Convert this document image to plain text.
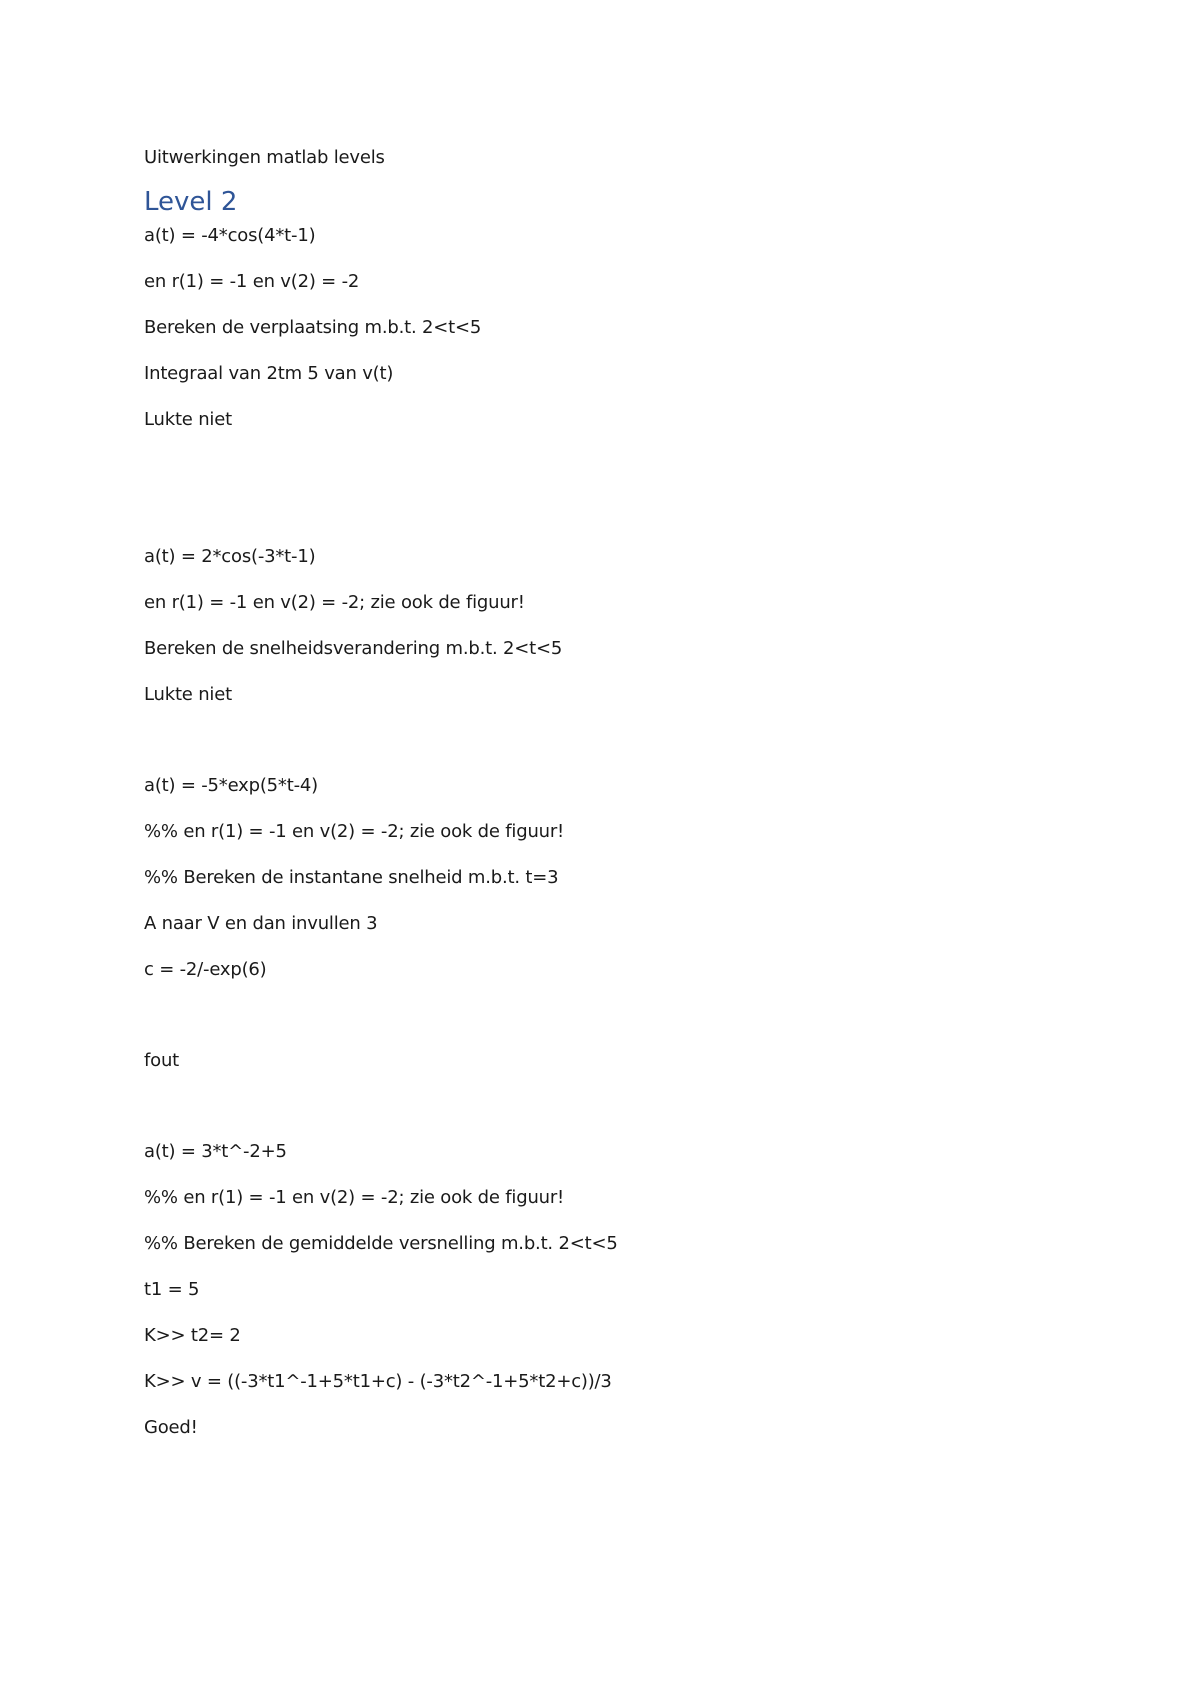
Uitwerkingen matlab levels
Level 2
a(t) = -4*cos(4*t-1)
en r(1) = -1 en v(2) = -2
Bereken de verplaatsing m.b.t. 2<t<5
Integraal van 2tm 5 van v(t)
Lukte niet
a(t) = 2*cos(-3*t-1)
en r(1) = -1 en v(2) = -2; zie ook de figuur!
Bereken de snelheidsverandering m.b.t. 2<t<5
Lukte niet
a(t) = -5*exp(5*t-4)
%% en r(1) = -1 en v(2) = -2; zie ook de figuur!
%% Bereken de instantane snelheid m.b.t. t=3
A naar V en dan invullen 3
c = -2/-exp(6)
fout
a(t) = 3*t^-2+5
%% en r(1) = -1 en v(2) = -2; zie ook de figuur!
%% Bereken de gemiddelde versnelling m.b.t. 2<t<5
t1 = 5
K>> t2= 2
K>> v = ((-3*t1^-1+5*t1+c) - (-3*t2^-1+5*t2+c))/3
Goed!
